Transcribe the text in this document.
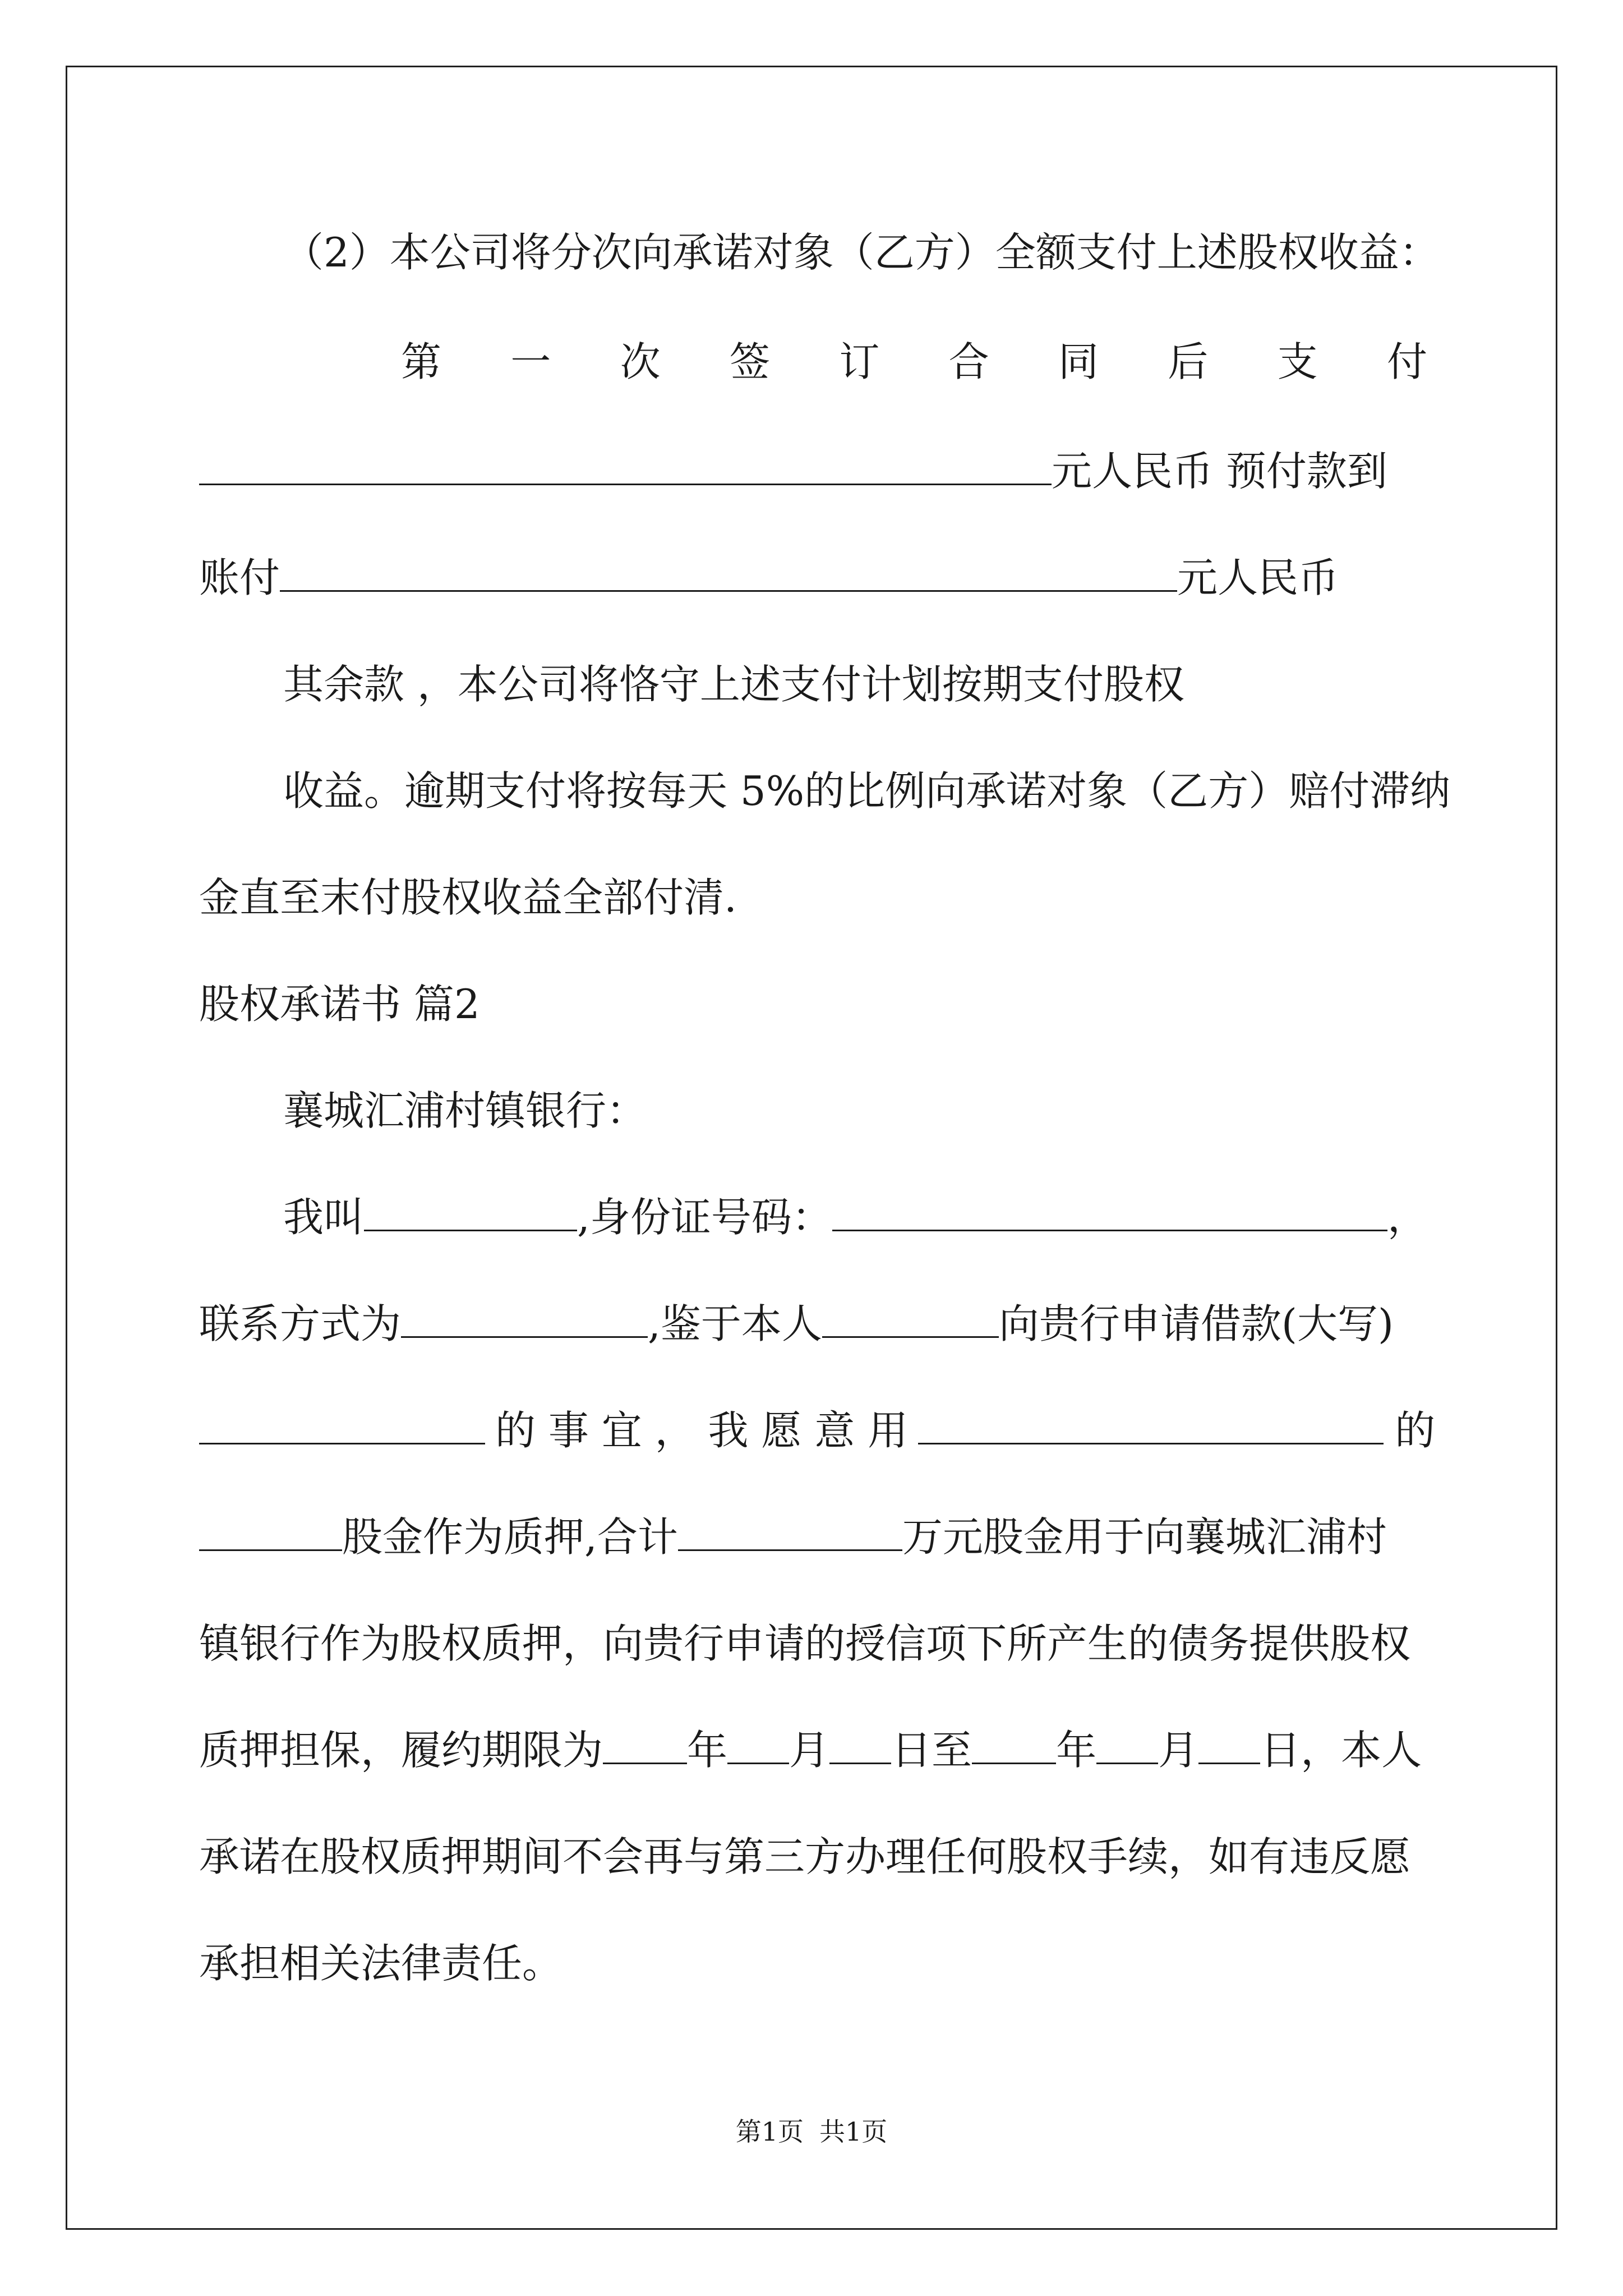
（2）本公司将分次向承诺对象（乙方）全额支付上述股权收益：
第 一 次 签 订 合 同 后 支 付
元人民币 预付款到
账付	元人民币
其余款 ，本公司将恪守上述支付计划按期支付股权
收益。逾期支付将按每天 5%的比例向承诺对象（乙方）赔付滞纳
金直至末付股权收益全部付清.
股权承诺书 篇2
襄城汇浦村镇银行：
我叫	,身份证号码：	，
联系方式为	,鉴于本人	向贵行申请借款(大写)
的 事 宜 ， 我 愿 意 用	的
股金作为质押,合计	万元股金用于向襄城汇浦村
镇银行作为股权质押，向贵行申请的授信项下所产生的债务提供股权
质押担保，履约期限为 年 月 日至 年 月 日，本人
承诺在股权质押期间不会再与第三方办理任何股权手续，如有违反愿
承担相关法律责任。
第1页 共1页
